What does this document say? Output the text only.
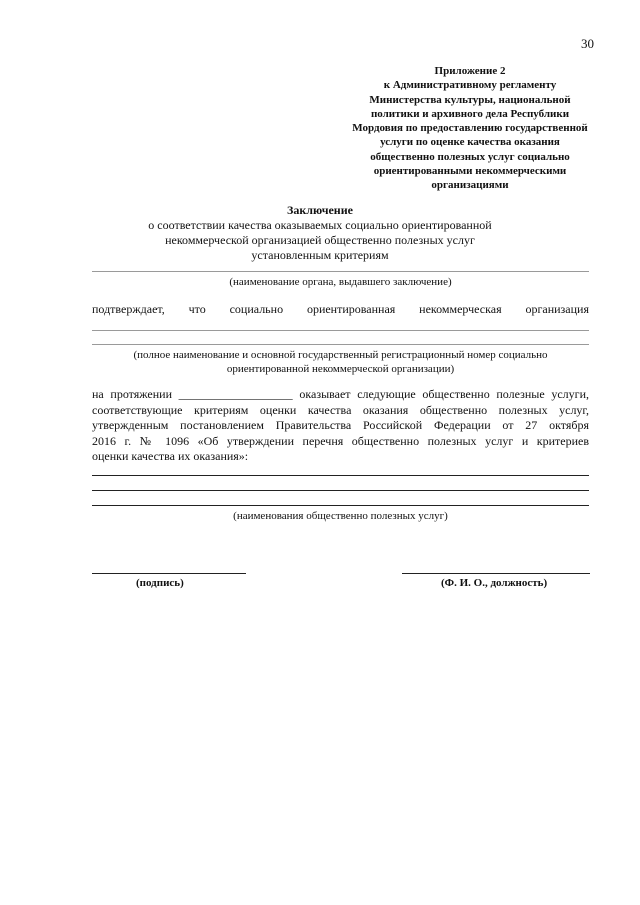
30
Приложение 2
к Административному регламенту
Министерства культуры, национальной
политики и архивного дела Республики
Мордовия по предоставлению государственной
услуги по оценке качества оказания
общественно полезных услуг социально
ориентированными некоммерческими
организациями
Заключение
о соответствии качества оказываемых социально ориентированной
некоммерческой организацией общественно полезных услуг
установленным критериям
(наименование органа, выдавшего заключение)
подтверждает, что социально ориентированная некоммерческая организация
(полное наименование и основной государственный регистрационный номер социально
ориентированной некоммерческой организации)
на протяжении ___________________ оказывает следующие общественно полезные услуги,
соответствующие критериям оценки качества оказания общественно полезных услуг,
утвержденным постановлением Правительства Российской Федерации от 27 октября
2016 г. № 1096 «Об утверждении перечня общественно полезных услуг и критериев
оценки качества их оказания»:
(наименования общественно полезных услуг)
(подпись)	(Ф. И. О., должность)
